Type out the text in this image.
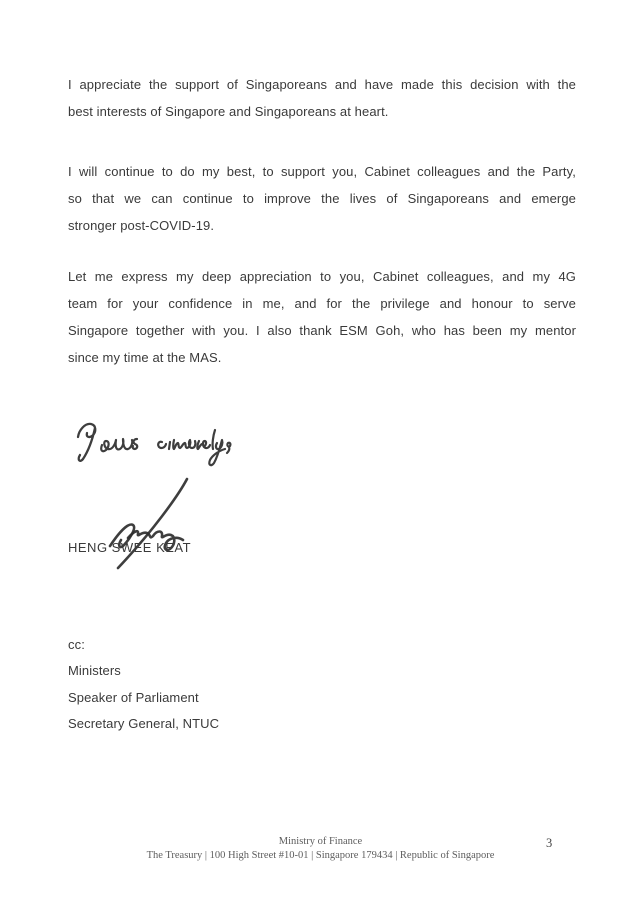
I appreciate the support of Singaporeans and have made this decision with the
best interests of Singapore and Singaporeans at heart.
I will continue to do my best, to support you, Cabinet colleagues and the Party,
so that we can continue to improve the lives of Singaporeans and emerge
stronger post-COVID-19.
Let me express my deep appreciation to you, Cabinet colleagues, and my 4G
team for your confidence in me, and for the privilege and honour to serve
Singapore together with you. I also thank ESM Goh, who has been my mentor
since my time at the MAS.
HENG SWEE KEAT
cc:
Ministers
Speaker of Parliament
Secretary General, NTUC
Ministry of Finance
The Treasury | 100 High Street #10-01 | Singapore 179434 | Republic of Singapore
3
